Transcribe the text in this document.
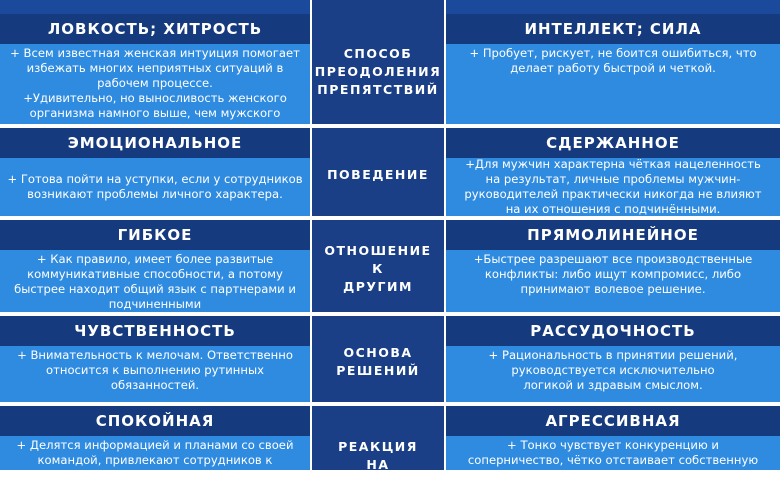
ЛОВКОСТЬ; ХИТРОСТЬ

+ Всем известная женская интуиция помогает

избежать многих неприятных ситуаций в

рабочем процессе.

+Удивительно, но выносливость женского

организма намного выше, чем мужского

ЭМОЦИОНАЛЬНОЕ

+ Готова пойти на уступки, если у сотрудников

возникают проблемы личного характера.

ГИБКОЕ

+ Как правило, имеет более развитые

коммуникативные способности, а потому

быстрее находит общий язык с партнерами и

подчиненными

ЧУВСТВЕННОСТЬ

+ Внимательность к мелочам. Ответственно

относится к выполнению рутинных

обязанностей.

СПОКОЙНАЯ

+ Делятся информацией и планами со своей

командой, привлекают сотрудников к

обсуждению проектов

СПОСОБ
ПРЕОДОЛЕНИЯ
ПРЕПЯТСТВИЙ
ПОВЕДЕНИЕ
ОТНОШЕНИЕ
К
ДРУГИМ
ОСНОВА
РЕШЕНИЙ
РЕАКЦИЯ
НА
ИНТЕЛЛЕКТ; СИЛА

+ Пробует, рискует, не боится ошибиться, что

делает работу быстрой и четкой.

СДЕРЖАННОЕ

+Для мужчин характерна чёткая нацеленность

на результат, личные проблемы мужчин-

руководителей практически никогда не влияют

на их отношения с подчинёнными.

ПРЯМОЛИНЕЙНОЕ

+Быстрее разрешают все производственные

конфликты: либо ищут компромисс, либо

принимают волевое решение.

РАССУДОЧНОСТЬ

+ Рациональность в принятии решений,

руководствуется исключительно

логикой и здравым смыслом.

АГРЕССИВНАЯ

+ Тонко чувствует конкуренцию и

соперничество, чётко отстаивает собственную

позицию
